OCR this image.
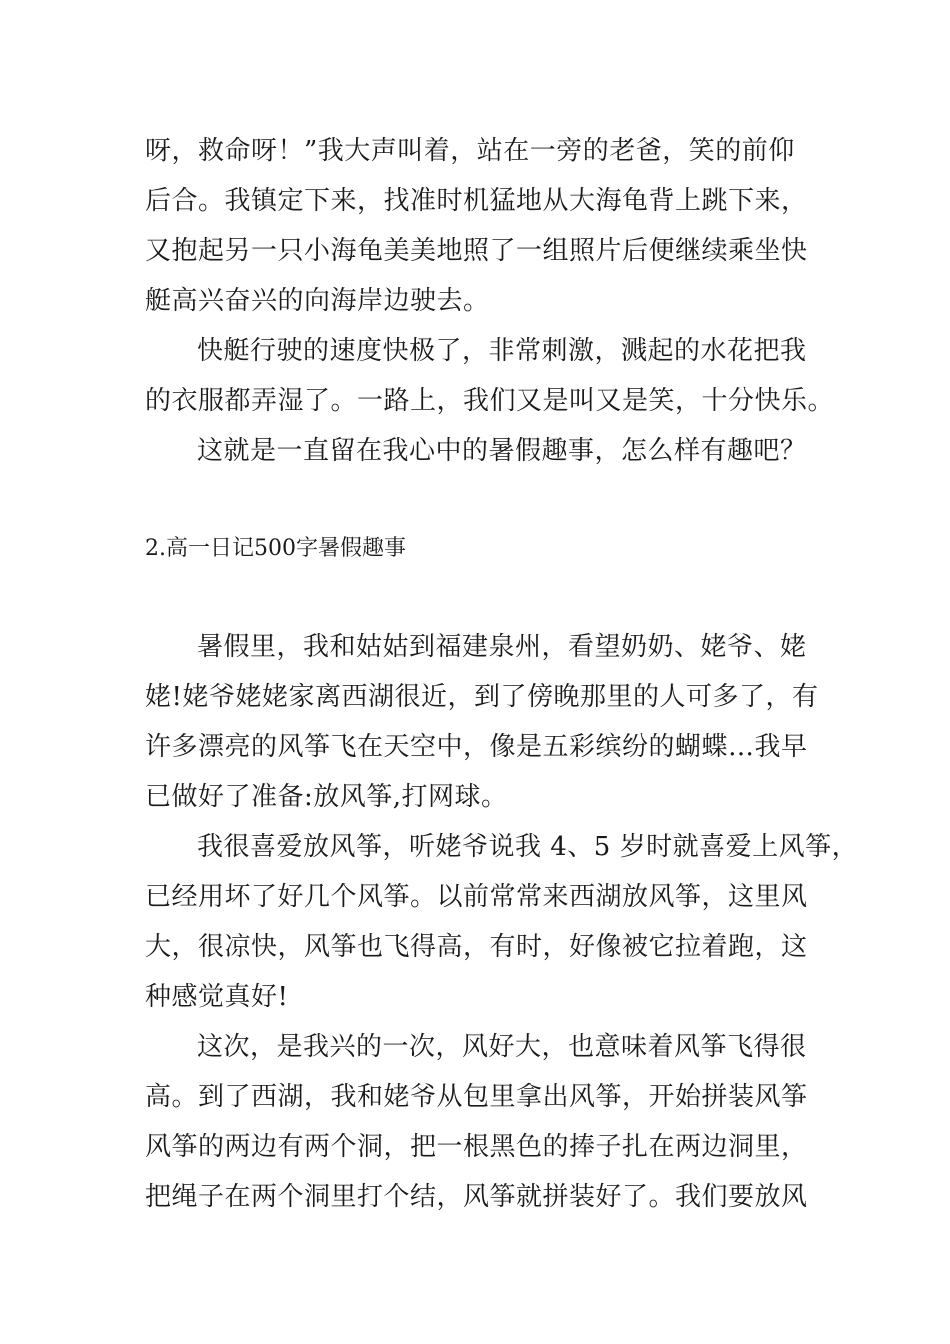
呀，救命呀！”我大声叫着，站在一旁的老爸，笑的前仰
后合。我镇定下来，找准时机猛地从大海龟背上跳下来，
又抱起另一只小海龟美美地照了一组照片后便继续乘坐快
艇高兴奋兴的向海岸边驶去。
快艇行驶的速度快极了，非常刺激，溅起的水花把我
的衣服都弄湿了。一路上，我们又是叫又是笑，十分快乐。
这就是一直留在我心中的暑假趣事，怎么样有趣吧？
2.高一日记500字暑假趣事
暑假里，我和姑姑到福建泉州，看望奶奶、姥爷、姥
姥!姥爷姥姥家离西湖很近，到了傍晚那里的人可多了，有
许多漂亮的风筝飞在天空中，像是五彩缤纷的蝴蝶…我早
已做好了准备:放风筝,打网球。
我很喜爱放风筝，听姥爷说我 4、5 岁时就喜爱上风筝，
已经用坏了好几个风筝。以前常常来西湖放风筝，这里风
大，很凉快，风筝也飞得高，有时，好像被它拉着跑，这
种感觉真好!
这次，是我兴的一次，风好大，也意味着风筝飞得很
高。到了西湖，我和姥爷从包里拿出风筝，开始拼装风筝
风筝的两边有两个洞，把一根黑色的捧子扎在两边洞里，
把绳子在两个洞里打个结，风筝就拼装好了。我们要放风
